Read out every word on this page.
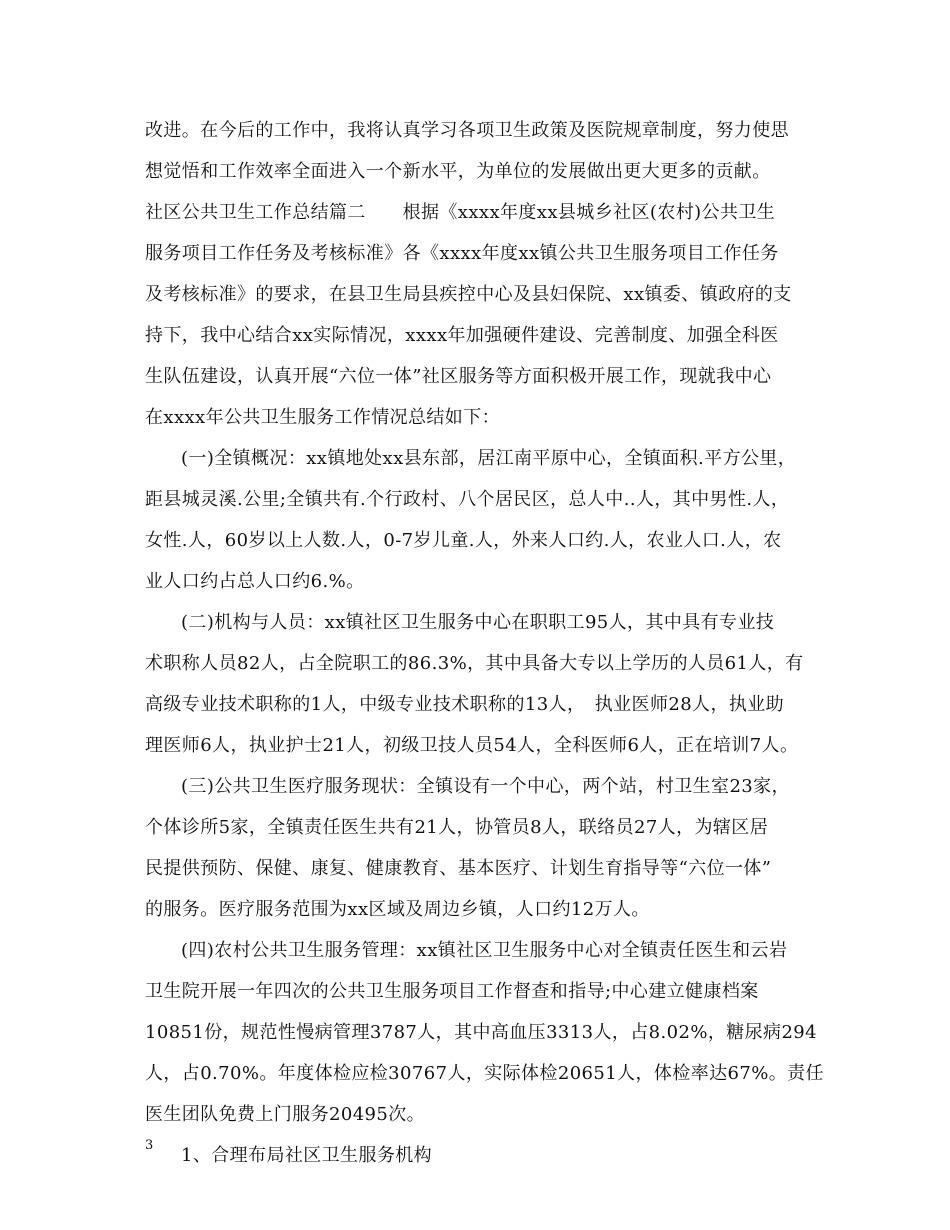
改进。在今后的工作中，我将认真学习各项卫生政策及医院规章制度，努力使思
想觉悟和工作效率全面进入一个新水平，为单位的发展做出更大更多的贡献。
社区公共卫生工作总结篇二　　根据《xxxx年度xx县城乡社区(农村)公共卫生
服务项目工作任务及考核标准》各《xxxx年度xx镇公共卫生服务项目工作任务
及考核标准》的要求，在县卫生局县疾控中心及县妇保院、xx镇委、镇政府的支
持下，我中心结合xx实际情况，xxxx年加强硬件建设、完善制度、加强全科医
生队伍建设，认真开展“六位一体”社区服务等方面积极开展工作，现就我中心
在xxxx年公共卫生服务工作情况总结如下：
(一)全镇概况：xx镇地处xx县东部，居江南平原中心，全镇面积.平方公里，
距县城灵溪.公里;全镇共有.个行政村、八个居民区，总人中..人，其中男性.人，
女性.人，60岁以上人数.人，0-7岁儿童.人，外来人口约.人，农业人口.人，农
业人口约占总人口约6.%。
(二)机构与人员：xx镇社区卫生服务中心在职职工95人，其中具有专业技
术职称人员82人，占全院职工的86.3%，其中具备大专以上学历的人员61人，有
高级专业技术职称的1人，中级专业技术职称的13人，　执业医师28人，执业助
理医师6人，执业护士21人，初级卫技人员54人，全科医师6人，正在培训7人。
(三)公共卫生医疗服务现状：全镇设有一个中心，两个站，村卫生室23家，
个体诊所5家，全镇责任医生共有21人，协管员8人，联络员27人，为辖区居
民提供预防、保健、康复、健康教育、基本医疗、计划生育指导等“六位一体”
的服务。医疗服务范围为xx区域及周边乡镇，人口约12万人。
(四)农村公共卫生服务管理：xx镇社区卫生服务中心对全镇责任医生和云岩
卫生院开展一年四次的公共卫生服务项目工作督查和指导;中心建立健康档案
10851份，规范性慢病管理3787人，其中高血压3313人，占8.02%，糖尿病294
人，占0.70%。年度体检应检30767人，实际体检20651人，体检率达67%。责任
医生团队免费上门服务20495次。
1、合理布局社区卫生服务机构
3
